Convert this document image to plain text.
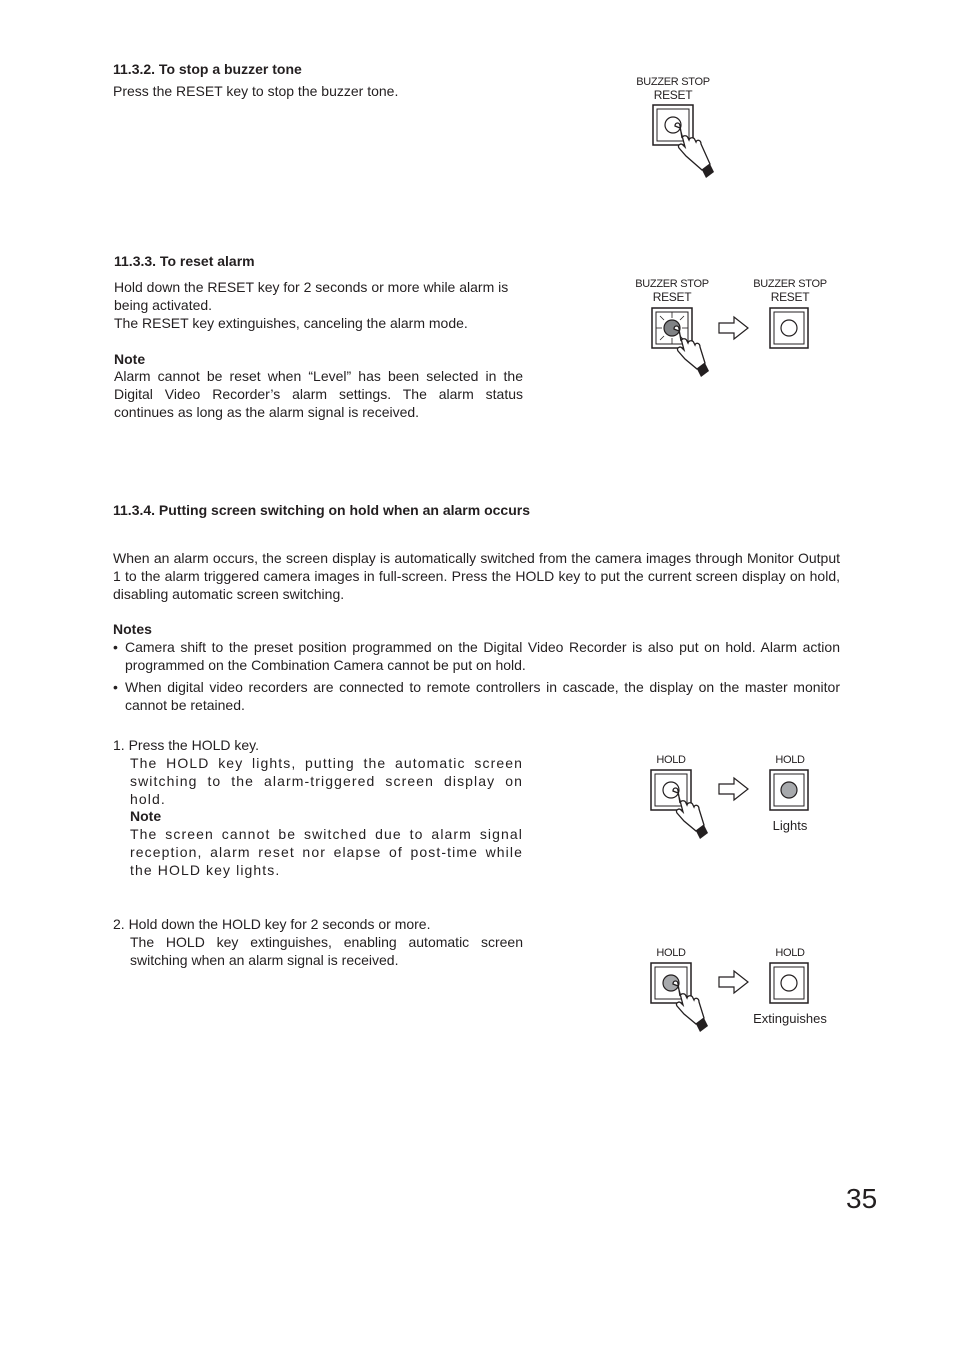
11.3.2. To stop a buzzer tone
Press the RESET key to stop the buzzer tone.
BUZZER STOP
RESET
11.3.3. To reset alarm
Hold down the RESET key for 2 seconds or more while alarm is being activated.
The RESET key extinguishes, canceling the alarm mode.
Note
Alarm cannot be reset when “Level” has been selected in the Digital Video Recorder’s alarm settings. The alarm status continues as long as the alarm signal is received.
BUZZER STOP
RESET
BUZZER STOP
RESET
11.3.4. Putting screen switching on hold when an alarm occurs
When an alarm occurs, the screen display is automatically switched from the camera images through Monitor Output 1 to the alarm triggered camera images in full-screen. Press the HOLD key to put the current screen display on hold, disabling automatic screen switching.
Notes
• Camera shift to the preset position programmed on the Digital Video Recorder is also put on hold. Alarm action programmed on the Combination Camera cannot be put on hold.
• When digital video recorders are connected to remote controllers in cascade, the display on the master monitor cannot be retained.
1. Press the HOLD key.
The HOLD key lights, putting the automatic screen switching to the alarm-triggered screen display on hold.
Note
The screen cannot be switched due to alarm signal reception, alarm reset nor elapse of post-time while the HOLD key lights.
HOLD	HOLD
Lights
2. Hold down the HOLD key for 2 seconds or more.
The HOLD key extinguishes, enabling automatic screen switching when an alarm signal is received.	HOLD	HOLD
Extinguishes
35
